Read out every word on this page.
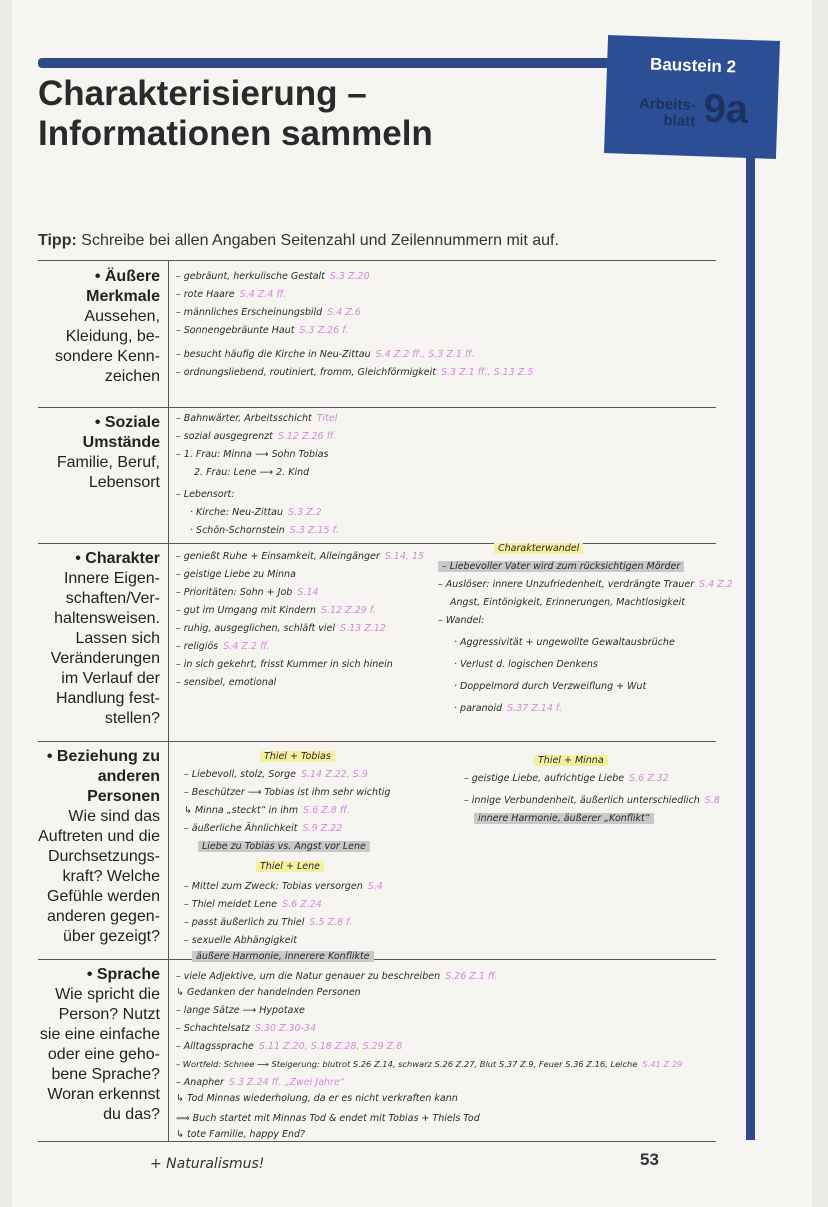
Baustein 2
Arbeits- blatt 9a
Charakterisierung –
Informationen sammeln
Tipp: Schreibe bei allen Angaben Seitenzahl und Zeilennummern mit auf.
• Äußere Merkmale
Aussehen, Kleidung, be- sondere Kenn- zeichen
– gebräunt, herkulische Gestalt S.3 Z.20
– rote Haare S.4 Z.4 ff.
– männliches Erscheinungsbild S.4 Z.6
– Sonnengebräunte Haut S.3 Z.26 f.
– besucht häufig die Kirche in Neu-Zittau S.4 Z.2 ff., S.3 Z.1 ff.
– ordnungsliebend, routiniert, fromm, Gleichförmigkeit S.3 Z.1 ff., S.13 Z.5
• Soziale Umstände
Familie, Beruf, Lebensort
– Bahnwärter, Arbeitsschicht Titel
– sozial ausgegrenzt S.12 Z.26 ff.
– 1. Frau: Minna ⟶ Sohn Tobias
2. Frau: Lene ⟶ 2. Kind
– Lebensort:
· Kirche: Neu-Zittau S.3 Z.2
· Schön-Schornstein S.3 Z.15 f.
• Charakter
Innere Eigen- schaften/Ver- haltensweisen. Lassen sich Veränderungen im Verlauf der Handlung fest- stellen?
– genießt Ruhe + Einsamkeit, Alleingänger S.14, 15
– geistige Liebe zu Minna
– Prioritäten: Sohn + Job S.14
– gut im Umgang mit Kindern S.12 Z.29 f.
– ruhig, ausgeglichen, schläft viel S.13 Z.12
– religiös S.4 Z.2 ff.
– in sich gekehrt, frisst Kummer in sich hinein
– sensibel, emotional
Charakterwandel
– Liebevoller Vater wird zum rücksichtigen Mörder
– Auslöser: innere Unzufriedenheit, verdrängte Trauer S.4 Z.2
Angst, Eintönigkeit, Erinnerungen, Machtlosigkeit
– Wandel:
· Aggressivität + ungewollte Gewaltausbrüche
· Verlust d. logischen Denkens
· Doppelmord durch Verzweiflung + Wut
· paranoid S.37 Z.14 f.
• Beziehung zu anderen Personen
Wie sind das Auftreten und die Durchsetzungs- kraft? Welche Gefühle werden anderen gegen- über gezeigt?
Thiel + Tobias
– Liebevoll, stolz, Sorge S.14 Z.22, S.9
– Beschützer ⟶ Tobias ist ihm sehr wichtig
↳ Minna „steckt“ in ihm S.6 Z.8 ff.
– äußerliche Ähnlichkeit S.9 Z.22
Liebe zu Tobias vs. Angst vor Lene
Thiel + Lene
– Mittel zum Zweck: Tobias versorgen S.4
– Thiel meidet Lene S.6 Z.24
– passt äußerlich zu Thiel S.5 Z.8 f.
– sexuelle Abhängigkeit
äußere Harmonie, innerere Konflikte
Thiel + Minna
– geistige Liebe, aufrichtige Liebe S.6 Z.32
– innige Verbundenheit, äußerlich unterschiedlich S.8
innere Harmonie, äußerer „Konflikt“
• Sprache
Wie spricht die Person? Nutzt sie eine einfache oder eine geho- bene Sprache? Woran erkennst du das?
– viele Adjektive, um die Natur genauer zu beschreiben S.26 Z.1 ff.
↳ Gedanken der handelnden Personen
– lange Sätze ⟶ Hypotaxe
– Schachtelsatz S.30 Z.30-34
– Alltagssprache S.11 Z.20, S.18 Z.28, S.29 Z.8
– Wortfeld: Schnee ⟶ Steigerung: blutrot S.26 Z.14, schwarz S.26 Z.27, Blut S.37 Z.9, Feuer S.36 Z.16, Leiche S.41 Z.29
– Anapher S.3 Z.24 ff. „Zwei Jahre“
↳ Tod Minnas wiederholung, da er es nicht verkraften kann
⟹ Buch startet mit Minnas Tod & endet mit Tobias + Thiels Tod
↳ tote Familie, happy End?
+ Naturalismus!	53
